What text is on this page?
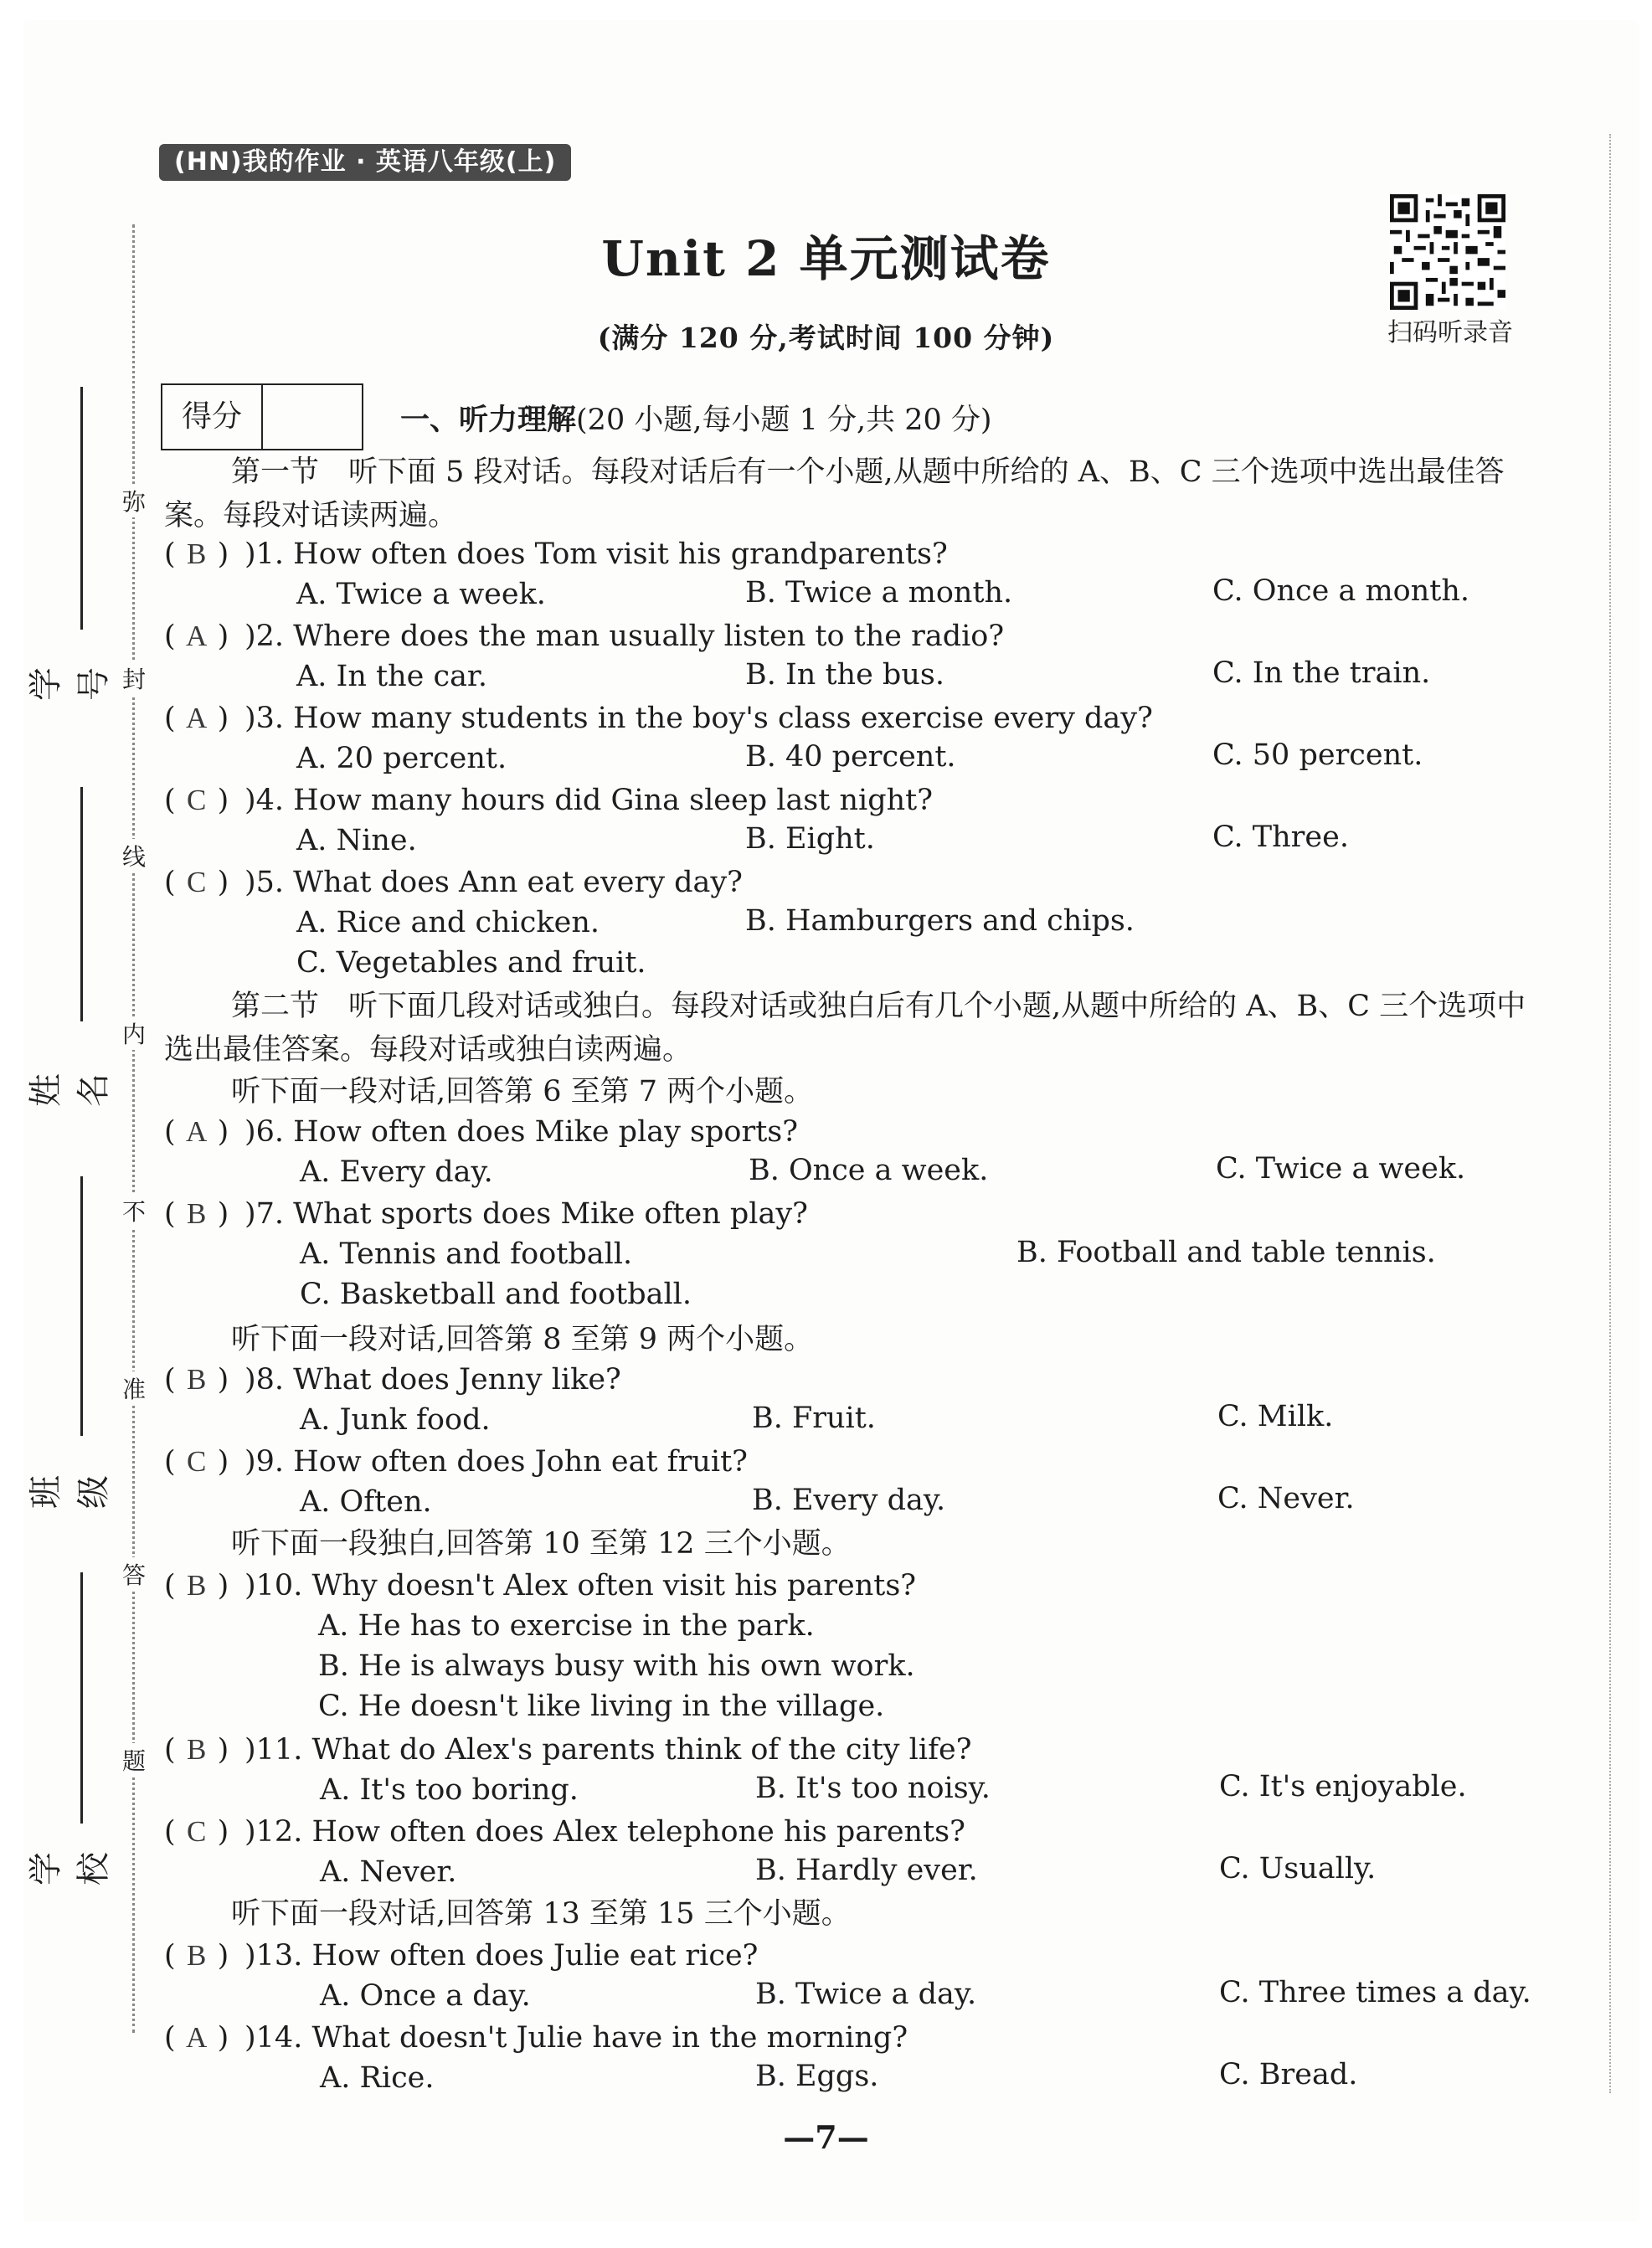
(HN)我的作业 · 英语八年级(上)
Unit 2 单元测试卷
(满分 120 分,考试时间 100 分钟)	扫码听录音
弥
封
线
内
不
准
答
题
学号
姓名
班级
学校
得分	一、听力理解(20 小题,每小题 1 分,共 20 分)
第一节　听下面 5 段对话。每段对话后有一个小题,从题中所给的 A、B、C 三个选项中选出最佳答案。每段对话读两遍。
( B ) )1. How often does Tom visit his grandparents?
A. Twice a week.	B. Twice a month.	C. Once a month.
( A ) )2. Where does the man usually listen to the radio?
A. In the car.	B. In the bus.	C. In the train.
( A ) )3. How many students in the boy's class exercise every day?
A. 20 percent.	B. 40 percent.	C. 50 percent.
( C ) )4. How many hours did Gina sleep last night?
A. Nine.	B. Eight.	C. Three.
( C ) )5. What does Ann eat every day?
A. Rice and chicken.	B. Hamburgers and chips.
C. Vegetables and fruit.
第二节　听下面几段对话或独白。每段对话或独白后有几个小题,从题中所给的 A、B、C 三个选项中选出最佳答案。每段对话或独白读两遍。
听下面一段对话,回答第 6 至第 7 两个小题。
( A ) )6. How often does Mike play sports?
A. Every day.	B. Once a week.	C. Twice a week.
( B ) )7. What sports does Mike often play?
A. Tennis and football.	B. Football and table tennis.
C. Basketball and football.
听下面一段对话,回答第 8 至第 9 两个小题。
( B ) )8. What does Jenny like?
A. Junk food.	B. Fruit.	C. Milk.
( C ) )9. How often does John eat fruit?
A. Often.	B. Every day.	C. Never.
听下面一段独白,回答第 10 至第 12 三个小题。
( B ) )10. Why doesn't Alex often visit his parents?
A. He has to exercise in the park.
B. He is always busy with his own work.
C. He doesn't like living in the village.
( B ) )11. What do Alex's parents think of the city life?
A. It's too boring.	B. It's too noisy.	C. It's enjoyable.
( C ) )12. How often does Alex telephone his parents?
A. Never.	B. Hardly ever.	C. Usually.
听下面一段对话,回答第 13 至第 15 三个小题。
( B ) )13. How often does Julie eat rice?
A. Once a day.	B. Twice a day.	C. Three times a day.
( A ) )14. What doesn't Julie have in the morning?
A. Rice.	B. Eggs.	C. Bread.
—7—
